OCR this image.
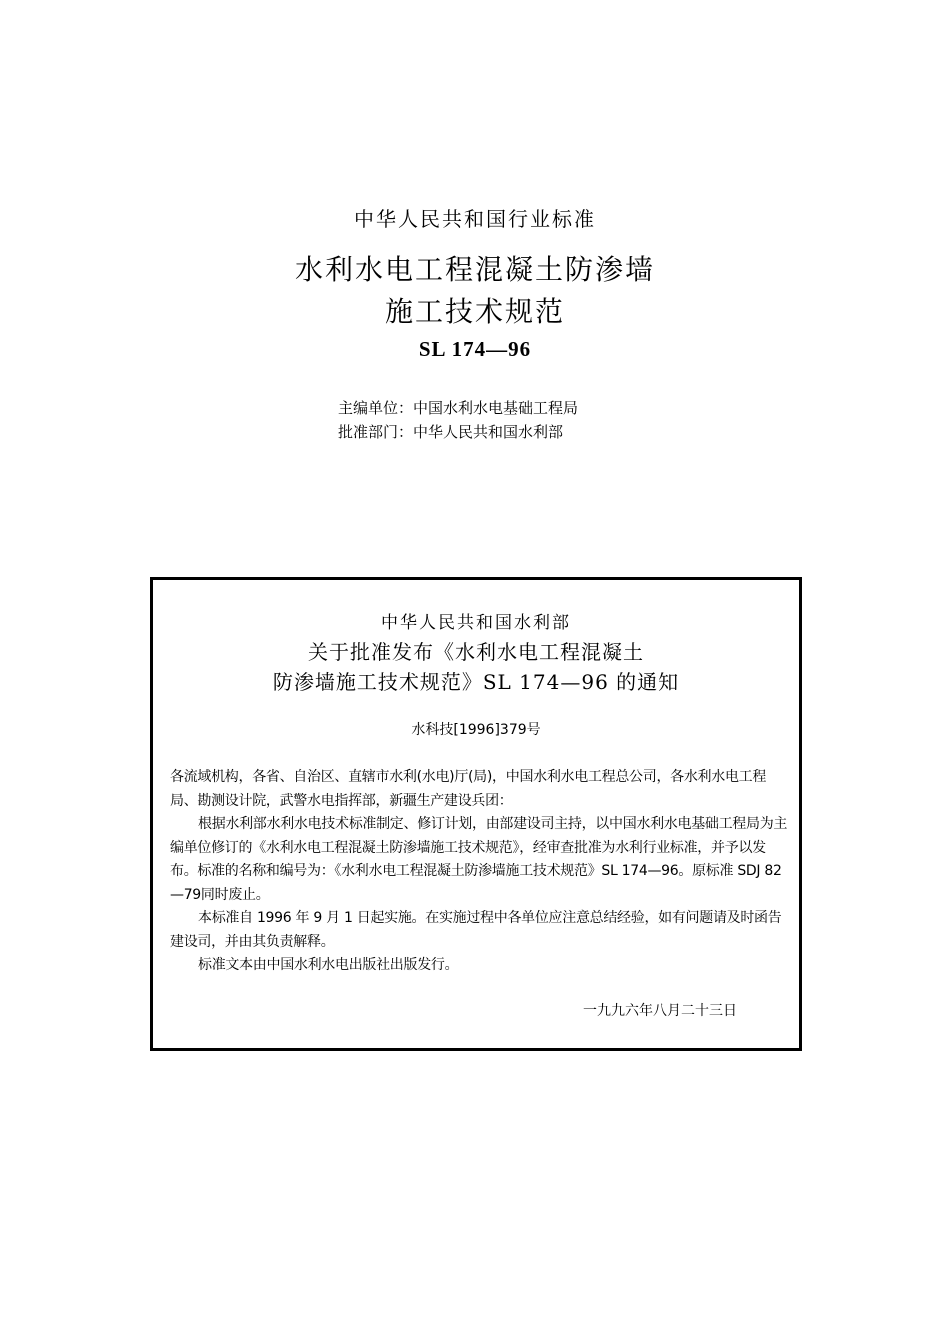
中华人民共和国行业标准
水利水电工程混凝土防渗墙
施工技术规范
SL 174—96
主编单位：中国水利水电基础工程局
批准部门：中华人民共和国水利部
中华人民共和国水利部
关于批准发布《水利水电工程混凝土
防渗墙施工技术规范》SL 174—96 的通知
水科技[1996]379号

各流域机构，各省、自治区、直辖市水利(水电)厅(局)，中国水利水电工程总公司，各水利水电工程局、勘测设计院，武警水电指挥部，新疆生产建设兵团：

根据水利部水利水电技术标准制定、修订计划，由部建设司主持，以中国水利水电基础工程局为主编单位修订的《水利水电工程混凝土防渗墙施工技术规范》，经审查批准为水利行业标准，并予以发布。标准的名称和编号为：《水利水电工程混凝土防渗墙施工技术规范》SL 174—96。原标准 SDJ 82—79同时废止。

本标准自 1996 年 9 月 1 日起实施。在实施过程中各单位应注意总结经验，如有问题请及时函告建设司，并由其负责解释。

标准文本由中国水利水电出版社出版发行。

一九九六年八月二十三日
